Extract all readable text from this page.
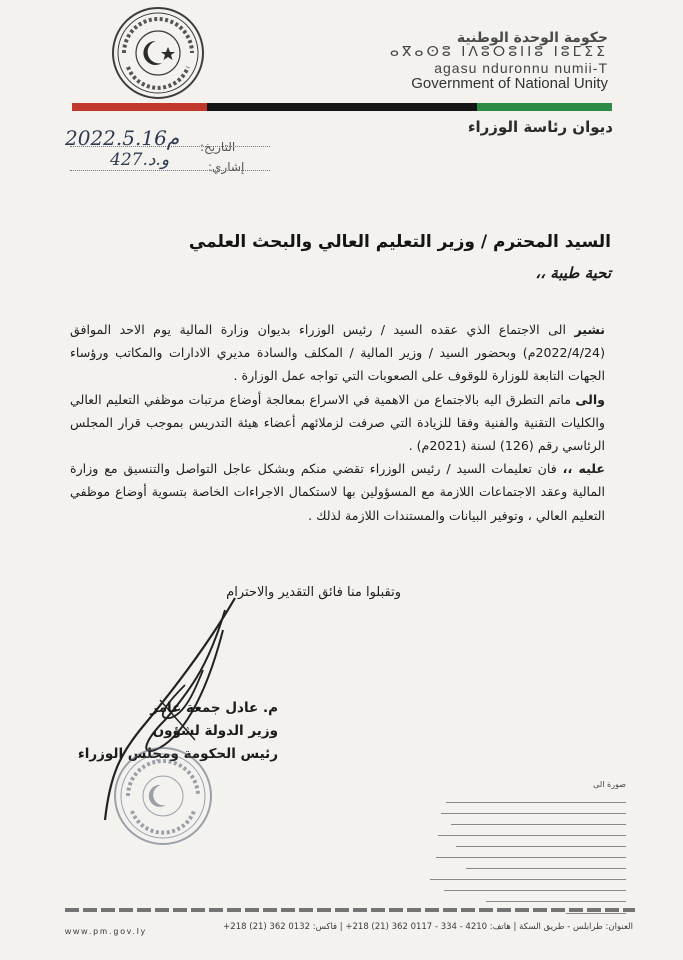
حكومة الوحدة الوطنية
ⴰⴳⴰⵙⵓ ⵏⴷⵓⵔⵓⵏⵏⵓ ⵏⵓⵎⵉⵉ
agasu nduronnu numii-T
Government of National Unity
ديوان رئاسة الوزراء
التاريخ:
2022.5.16م
إشاري:
427.و.د
السيد المحترم / وزير التعليم العالي والبحث العلمي
تحية طيبة ،،

نشير الى الاجتماع الذي عقده السيد / رئيس الوزراء بديوان وزارة المالية يوم الاحد الموافق (2022/4/24م) وبحضور السيد / وزير المالية / المكلف والسادة مديري الادارات والمكاتب ورؤساء الجهات التابعة للوزارة للوقوف على الصعوبات التي تواجه عمل الوزارة .

والى ماتم التطرق اليه بالاجتماع من الاهمية في الاسراع بمعالجة أوضاع مرتبات موظفي التعليم العالي والكليات التقنية والفنية وفقا للزيادة التي صرفت لزملائهم أعضاء هيئة التدريس بموجب قرار المجلس الرئاسي رقم (126) لسنة (2021م) .

عليه ،، فان تعليمات السيد / رئيس الوزراء تقضي منكم وبشكل عاجل التواصل والتنسيق مع وزارة المالية وعقد الاجتماعات اللازمة مع المسؤولين بها لاستكمال الاجراءات الخاصة بتسوية أوضاع موظفي التعليم العالي ، وتوفير البيانات والمستندات اللازمة لذلك .

وتقبلوا منا فائق التقدير والاحترام
م. عادل جمعة عامر
وزير الدولة لشؤون
رئيس الحكومة ومجلس الوزراء
صورة الى
العنوان: طرابلس - طريق السكة | هاتف: 4210 - 334 - 0117 362 (21) 218+ | فاكس: 0132 362 (21) 218+
www.pm.gov.ly
